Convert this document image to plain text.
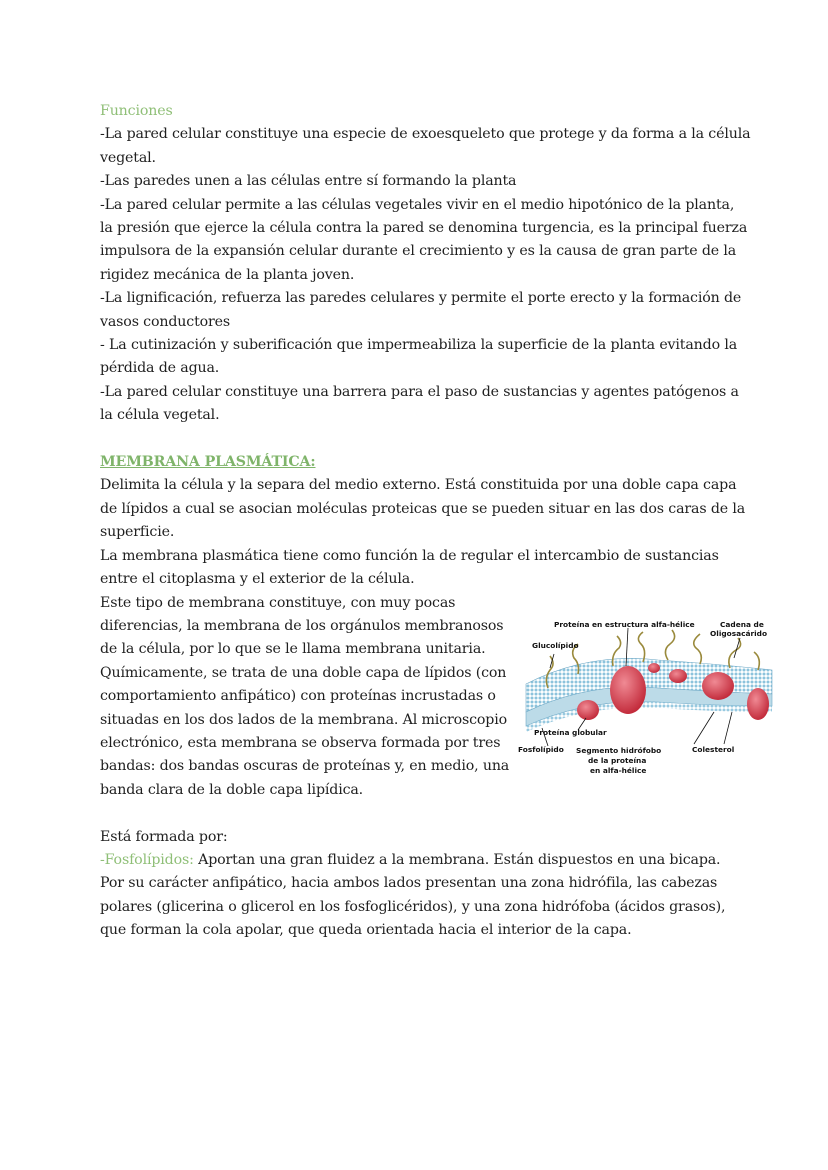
Funciones

-La pared celular constituye una especie de exoesqueleto que protege y da forma a la célula

vegetal.

-Las paredes unen a las células entre sí formando la planta

-La pared celular permite a las células vegetales vivir en el medio hipotónico de la planta,

la presión que ejerce la célula contra la pared se denomina turgencia, es la principal fuerza

impulsora de la expansión celular durante el crecimiento y es la causa de gran parte de la

rigidez mecánica de la planta joven.

-La lignificación, refuerza las paredes celulares y permite el porte erecto y la formación de

vasos conductores

- La cutinización y suberificación que impermeabiliza la superficie de la planta evitando la

pérdida de agua.

-La pared celular constituye una barrera para el paso de sustancias y agentes patógenos a

la célula vegetal.

MEMBRANA PLASMÁTICA:

Delimita la célula y la separa del medio externo. Está constituida por una doble capa capa

de lípidos a cual se asocian moléculas proteicas que se pueden situar en las dos caras de la

superficie.

La membrana plasmática tiene como función la de regular el intercambio de sustancias

entre el citoplasma y el exterior de la célula.

Este tipo de membrana constituye, con muy pocas

diferencias, la membrana de los orgánulos membranosos

de la célula, por lo que se le llama membrana unitaria.

Químicamente, se trata de una doble capa de lípidos (con

comportamiento anfipático) con proteínas incrustadas o

situadas en los dos lados de la membrana. Al microscopio

electrónico, esta membrana se observa formada por tres

bandas: dos bandas oscuras de proteínas y, en medio, una

banda clara de la doble capa lipídica.

Está formada por:

-Fosfolípidos: Aportan una gran fluidez a la membrana. Están dispuestos en una bicapa.

Por su carácter anfipático, hacia ambos lados presentan una zona hidrófila, las cabezas

polares (glicerina o glicerol en los fosfoglicéridos), y una zona hidrófoba (ácidos grasos),

que forman la cola apolar, que queda orientada hacia el interior de la capa.

Proteína en estructura alfa-hélice	Cadena de
Oligosacárido
Glucolípido
Proteína globular
Fosfolípido Segmento hidrófobo
de la proteína
en alfa-hélice
Colesterol
